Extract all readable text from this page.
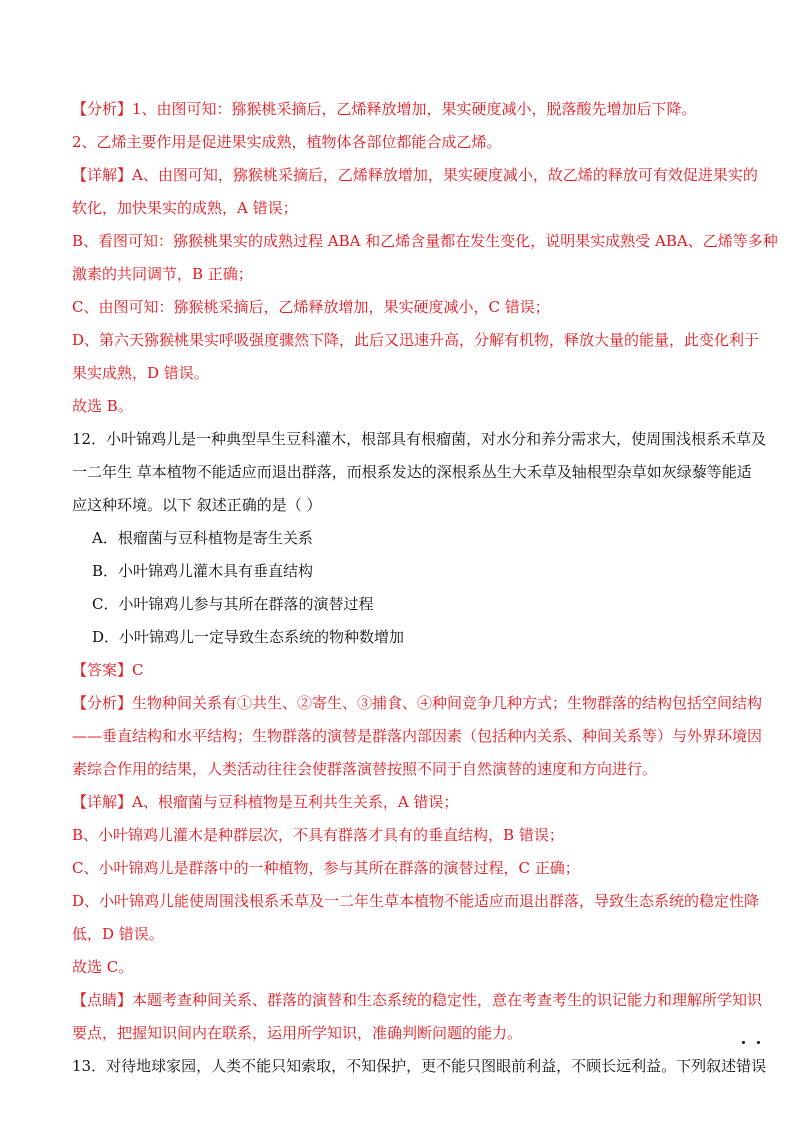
【分析】1、由图可知：猕猴桃采摘后，乙烯释放增加，果实硬度减小，脱落酸先增加后下降。
2、乙烯主要作用是促进果实成熟，植物体各部位都能合成乙烯。
【详解】A、由图可知，猕猴桃采摘后，乙烯释放增加，果实硬度减小，故乙烯的释放可有效促进果实的
软化，加快果实的成熟，A 错误；
B、看图可知：猕猴桃果实的成熟过程 ABA 和乙烯含量都在发生变化，说明果实成熟受 ABA、乙烯等多种
激素的共同调节，B 正确；
C、由图可知：猕猴桃采摘后，乙烯释放增加，果实硬度减小，C 错误；
D、第六天猕猴桃果实呼吸强度骤然下降，此后又迅速升高，分解有机物，释放大量的能量，此变化利于
果实成熟，D 错误。
故选 B。
12．小叶锦鸡儿是一种典型旱生豆科灌木，根部具有根瘤菌，对水分和养分需求大，使周围浅根系禾草及
一二年生 草本植物不能适应而退出群落，而根系发达的深根系丛生大禾草及轴根型杂草如灰绿藜等能适
应这种环境。以下 叙述正确的是（ ）
A．根瘤菌与豆科植物是寄生关系
B．小叶锦鸡儿灌木具有垂直结构
C．小叶锦鸡儿参与其所在群落的演替过程
D．小叶锦鸡儿一定导致生态系统的物种数增加
【答案】C
【分析】生物种间关系有①共生、②寄生、③捕食、④种间竞争几种方式；生物群落的结构包括空间结构
——垂直结构和水平结构；生物群落的演替是群落内部因素（包括种内关系、种间关系等）与外界环境因
素综合作用的结果，人类活动往往会使群落演替按照不同于自然演替的速度和方向进行。
【详解】A、根瘤菌与豆科植物是互利共生关系，A 错误；
B、小叶锦鸡儿灌木是种群层次，不具有群落才具有的垂直结构，B 错误；
C、小叶锦鸡儿是群落中的一种植物，参与其所在群落的演替过程，C 正确；
D、小叶锦鸡儿能使周围浅根系禾草及一二年生草本植物不能适应而退出群落，导致生态系统的稳定性降
低，D 错误。
故选 C。
【点睛】本题考查种间关系、群落的演替和生态系统的稳定性，意在考查考生的识记能力和理解所学知识
要点，把握知识间内在联系，运用所学知识，准确判断问题的能力。
13．对待地球家园，人类不能只知索取，不知保护，更不能只图眼前利益，不顾长远利益。下列叙述
错误
